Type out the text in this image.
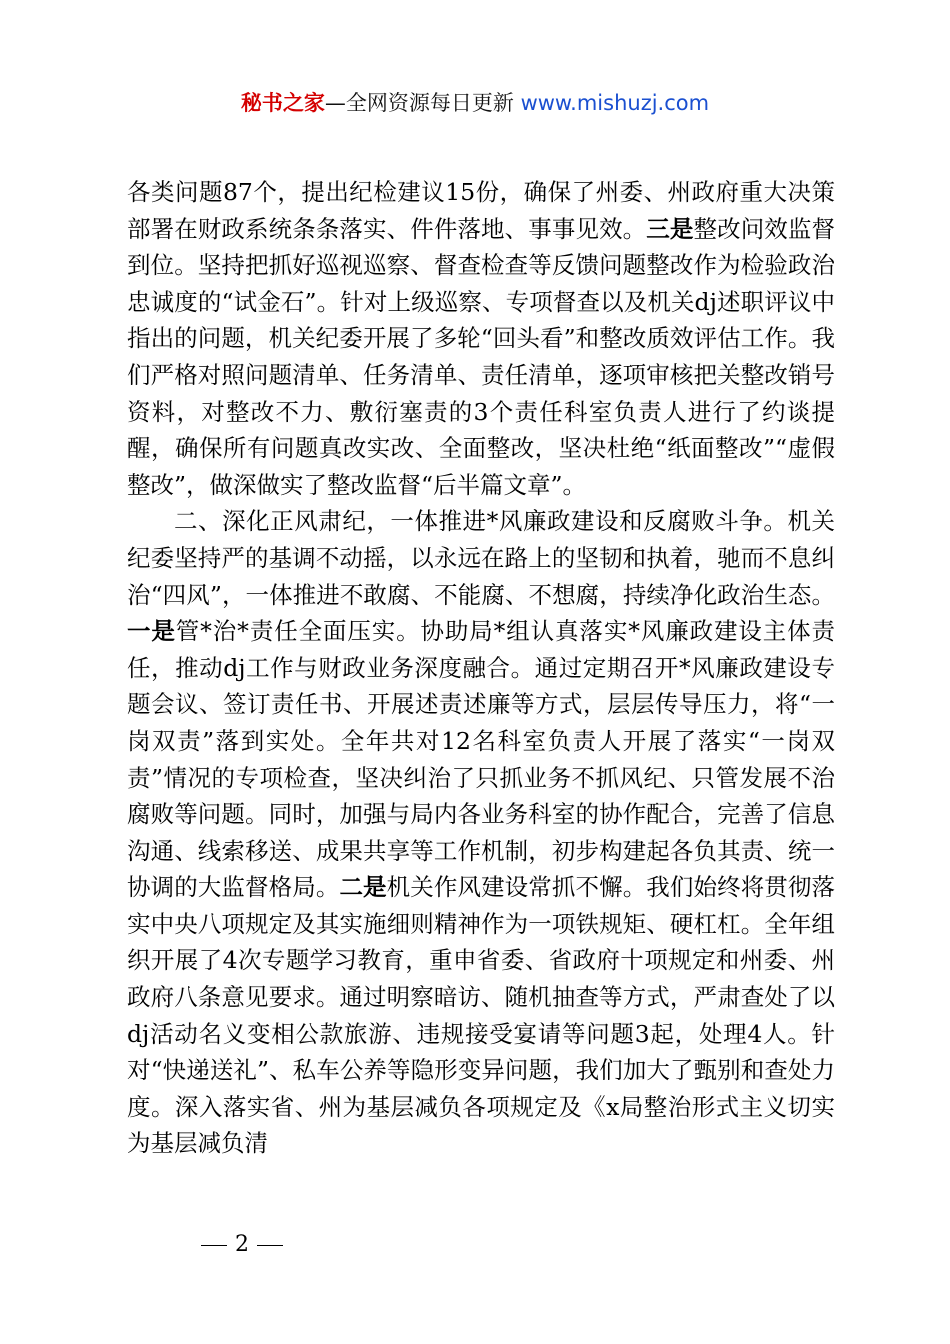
秘书之家—全网资源每日更新 www.mishuzj.com

各类问题87个，提出纪检建议15份，确保了州委、州政府重大决策部署在财政系统条条落实、件件落地、事事见效。三是整改问效监督到位。坚持把抓好巡视巡察、督查检查等反馈问题整改作为检验政治忠诚度的“试金石”。针对上级巡察、专项督查以及机关dj述职评议中指出的问题，机关纪委开展了多轮“回头看”和整改质效评估工作。我们严格对照问题清单、任务清单、责任清单，逐项审核把关整改销号资料，对整改不力、敷衍塞责的3个责任科室负责人进行了约谈提醒，确保所有问题真改实改、全面整改，坚决杜绝“纸面整改”“虚假整改”，做深做实了整改监督“后半篇文章”。

二、深化正风肃纪，一体推进*风廉政建设和反腐败斗争。机关纪委坚持严的基调不动摇，以永远在路上的坚韧和执着，驰而不息纠治“四风”，一体推进不敢腐、不能腐、不想腐，持续净化政治生态。一是管*治*责任全面压实。协助局*组认真落实*风廉政建设主体责任，推动dj工作与财政业务深度融合。通过定期召开*风廉政建设专题会议、签订责任书、开展述责述廉等方式，层层传导压力，将“一岗双责”落到实处。全年共对12名科室负责人开展了落实“一岗双责”情况的专项检查，坚决纠治了只抓业务不抓风纪、只管发展不治腐败等问题。同时，加强与局内各业务科室的协作配合，完善了信息沟通、线索移送、成果共享等工作机制，初步构建起各负其责、统一协调的大监督格局。二是机关作风建设常抓不懈。我们始终将贯彻落实中央八项规定及其实施细则精神作为一项铁规矩、硬杠杠。全年组织开展了4次专题学习教育，重申省委、省政府十项规定和州委、州政府八条意见要求。通过明察暗访、随机抽查等方式，严肃查处了以dj活动名义变相公款旅游、违规接受宴请等问题3起，处理4人。针对“快递送礼”、私车公养等隐形变异问题，我们加大了甄别和查处力度。深入落实省、州为基层减负各项规定及《x局整治形式主义切实为基层减负清

2
